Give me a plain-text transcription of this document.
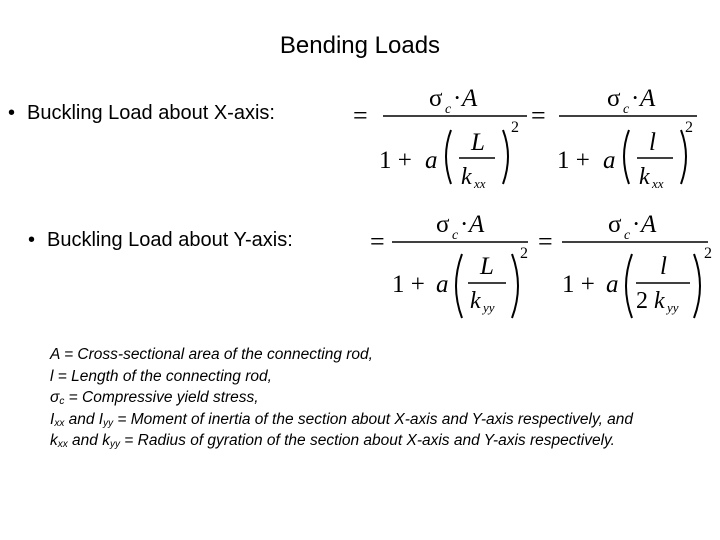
Bending Loads
• Buckling Load about X-axis:	=
σ c · A
1 + a
L
k xx
2 =
σ c · A
1 + a
l
k xx
2
• Buckling Load about Y-axis:	=
σ c · A
1 + a
L
k yy
2 =
σ c · A
1 + a
l
2 k yy
2
A = Cross-sectional area of the connecting rod,
l = Length of the connecting rod,
$\sigma_c$ = Compressive yield stress,
$I_{xx}$ and $I_{yy}$ = Moment of inertia of the section about X-axis and Y-axis respectively, and
$k_{xx}$ and $k_{yy}$ = Radius of gyration of the section about X-axis and Y-axis respectively.
